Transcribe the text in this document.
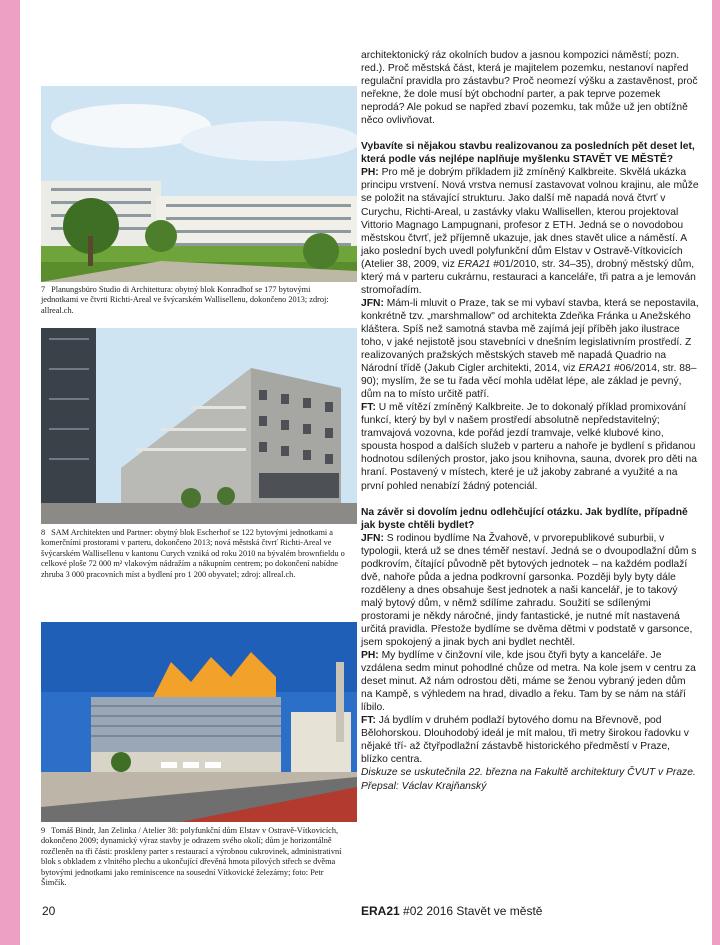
7 Planungsbüro Studio di Architettura: obytný blok Konradhof se 177 bytovými jednotkami ve čtvrti Richti-Areal ve švýcarském Wallisellenu, dokončeno 2013; zdroj: allreal.ch.
8 SAM Architekten und Partner: obytný blok Escherhof se 122 bytovými jednotkami a komerčními prostorami v parteru, dokončeno 2013; nová městská čtvrť Richti-Areal ve švýcarském Wallisellenu v kantonu Curych vzniká od roku 2010 na bývalém brownfieldu o celkové ploše 72 000 m² vlakovým nádražím a nákupním centrem; po dokončení nabídne zhruba 3 000 pracovních míst a bydlení pro 1 200 obyvatel; zdroj: allreal.ch.
9 Tomáš Bindr, Jan Zelinka / Atelier 38: polyfunkční dům Elstav v Ostravě-Vítkovicích, dokončeno 2009; dynamický výraz stavby je odrazem svého okolí; dům je horizontálně rozčleněn na tři části: proskleny parter s restaurací a výrobnou cukrovinek, administrativní blok s obkladem z vlnitého plechu a ukončující dřevěná hmota pilových střech se dvěma bytovými jednotkami jako reminiscence na sousední Vítkovické železárny; foto: Petr Šimčík.

architektonický ráz okolních budov a jasnou kompozici náměstí; pozn. red.). Proč městská část, která je majitelem pozemku, nestanoví napřed regulační pravidla pro zástavbu? Proč neomezí výšku a zastavěnost, proč neřekne, že dole musí být obchodní parter, a pak teprve pozemek neprodá? Ale pokud se napřed zbaví pozemku, tak může už jen obtížně něco ovlivňovat.

Vybavíte si nějakou stavbu realizovanou za posledních pět deset let, která podle vás nejlépe naplňuje myšlenku STAVĚT VE MĚSTĚ?

PH: Pro mě je dobrým příkladem již zmíněný Kalkbreite. Skvělá ukázka principu vrstvení. Nová vrstva nemusí zastavovat volnou krajinu, ale může se položit na stávající strukturu. Jako další mě napadá nová čtvrť v Curychu, Richti-Areal, u zastávky vlaku Wallisellen, kterou projektoval Vittorio Magnago Lampugnani, profesor z ETH. Jedná se o novodobou městskou čtvrť, jež příjemně ukazuje, jak dnes stavět ulice a náměstí. A jako poslední bych uvedl polyfunkční dům Elstav v Ostravě-Vítkovicích (Atelier 38, 2009, viz ERA21 #01/2010, str. 34–35), drobný městský dům, který má v parteru cukrárnu, restauraci a kanceláře, tři patra a je lemován stromořadím.

JFN: Mám-li mluvit o Praze, tak se mi vybaví stavba, která se nepostavila, konkrétně tzv. „marshmallow" od architekta Zdeňka Fránka u Anežského kláštera. Spíš než samotná stavba mě zajímá její příběh jako ilustrace toho, v jaké nejistotě jsou stavebníci v dnešním legislativním prostředí. Z realizovaných pražských městských staveb mě napadá Quadrio na Národní třídě (Jakub Cigler architekti, 2014, viz ERA21 #06/2014, str. 88–90); myslím, že se tu řada věcí mohla udělat lépe, ale základ je pevný, dům na to místo určitě patří.

FT: U mě vítězí zmíněný Kalkbreite. Je to dokonalý příklad promixování funkcí, který by byl v našem prostředí absolutně nepředstavitelný; tramvajová vozovna, kde pořád jezdí tramvaje, velké klubové kino, spousta hospod a dalších služeb v parteru a nahoře je bydlení s přidanou hodnotou sdílených prostor, jako jsou knihovna, sauna, dvorek pro děti na hraní. Postavený v místech, které je už jakoby zabrané a využité a na první pohled nenabízí žádný potenciál.

Na závěr si dovolím jednu odlehčující otázku. Jak bydlíte, případně jak byste chtěli bydlet?

JFN: S rodinou bydlíme Na Žvahově, v prvorepublikové suburbii, v typologii, která už se dnes téměř nestaví. Jedná se o dvoupodlažní dům s podkrovím, čítající původně pět bytových jednotek – na každém podlaží dvě, nahoře půda a jedna podkrovní garsonka. Později byly byty dále rozděleny a dnes obsahuje šest jednotek a naši kancelář, je to takový malý bytový dům, v němž sdílíme zahradu. Soužití se sdílenými prostorami je někdy náročné, jindy fantastické, je nutné mít nastavená určitá pravidla. Přestože bydlíme se dvěma dětmi v podstatě v garsonce, jsem spokojený a jinak bych ani bydlet nechtěl.

PH: My bydlíme v činžovní vile, kde jsou čtyři byty a kanceláře. Je vzdálena sedm minut pohodlné chůze od metra. Na kole jsem v centru za deset minut. Až nám odrostou děti, máme se ženou vybraný jeden dům na Kampě, s výhledem na hrad, divadlo a řeku. Tam by se nám na stáří líbilo.

FT: Já bydlím v druhém podlaží bytového domu na Břevnově, pod Bělohorskou. Dlouhodobý ideál je mít malou, tři metry širokou řadovku v nějaké tří- až čtyřpodlažní zástavbě historického předměstí v Praze, blízko centra.

Diskuze se uskutečnila 22. března na Fakultě architektury ČVUT v Praze. Přepsal: Václav Krajňanský

20	ERA21 #02 2016 Stavět ve městě
